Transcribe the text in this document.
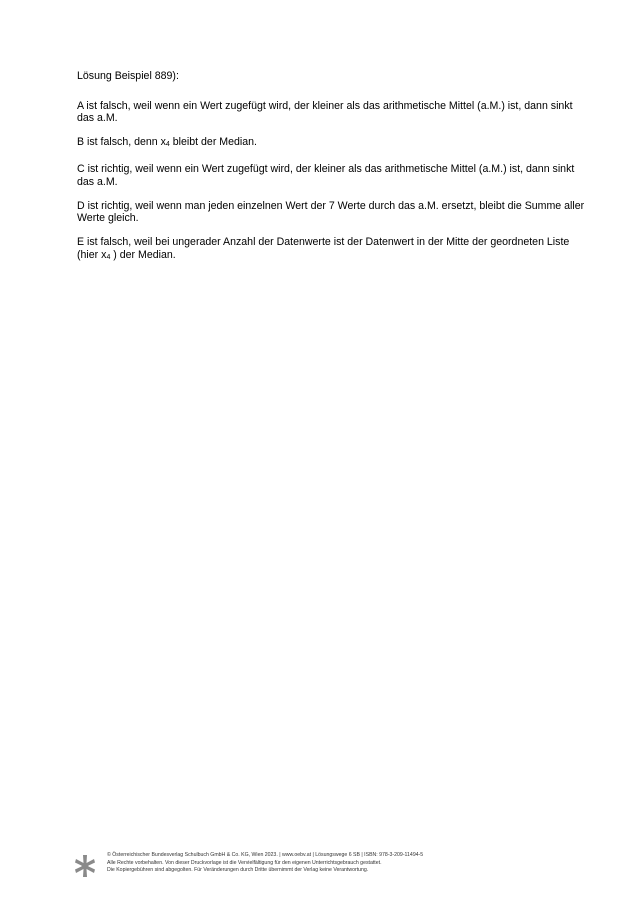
Lösung Beispiel 889):

A ist falsch, weil wenn ein Wert zugefügt wird, der kleiner als das arithmetische Mittel (a.M.) ist, dann sinkt das a.M.

B ist falsch, denn $x_4$ bleibt der Median.

C ist richtig, weil wenn ein Wert zugefügt wird, der kleiner als das arithmetische Mittel (a.M.) ist, dann sinkt das a.M.

D ist richtig, weil wenn man jeden einzelnen Wert der 7 Werte durch das a.M. ersetzt, bleibt die Summe aller Werte gleich.

E ist falsch, weil bei ungerader Anzahl der Datenwerte ist der Datenwert in der Mitte der geordneten Liste (hier $x_4$ ) der Median.

© Österreichischer Bundesverlag Schulbuch GmbH & Co. KG, Wien 2023. | www.oebv.at | Lösungswege 6 SB | ISBN: 978-3-209-11494-5
Alle Rechte vorbehalten. Von dieser Druckvorlage ist die Vervielfältigung für den eigenen Unterrichtsgebrauch gestattet.
Die Kopiergebühren sind abgegolten. Für Veränderungen durch Dritte übernimmt der Verlag keine Verantwortung.
